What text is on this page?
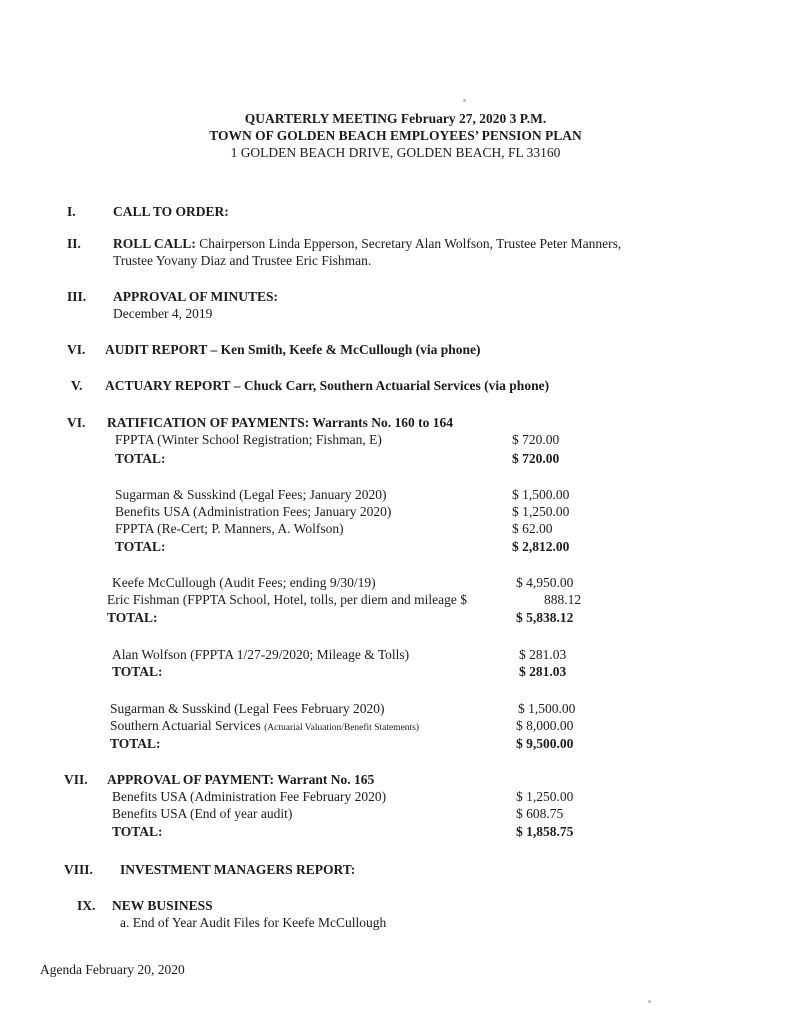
QUARTERLY MEETING February 27, 2020 3 P.M.
TOWN OF GOLDEN BEACH EMPLOYEES’ PENSION PLAN
1 GOLDEN BEACH DRIVE, GOLDEN BEACH, FL 33160
I.	CALL TO ORDER:
II. ROLL CALL: Chairperson Linda Epperson, Secretary Alan Wolfson, Trustee Peter Manners,
Trustee Yovany Diaz and Trustee Eric Fishman.
III. APPROVAL OF MINUTES:
December 4, 2019
VI. AUDIT REPORT – Ken Smith, Keefe & McCullough (via phone)
V. ACTUARY REPORT – Chuck Carr, Southern Actuarial Services (via phone)
VI. RATIFICATION OF PAYMENTS: Warrants No. 160 to 164
FPPTA (Winter School Registration; Fishman, E)	$ 720.00
TOTAL:	$ 720.00
Sugarman & Susskind (Legal Fees; January 2020)	$ 1,500.00
Benefits USA (Administration Fees; January 2020)	$ 1,250.00
FPPTA (Re-Cert; P. Manners, A. Wolfson)	$ 62.00
TOTAL:	$ 2,812.00
Keefe McCullough (Audit Fees; ending 9/30/19)	$ 4,950.00
Eric Fishman (FPPTA School, Hotel, tolls, per diem and mileage $	888.12
TOTAL:	$ 5,838.12
Alan Wolfson (FPPTA 1/27-29/2020; Mileage & Tolls)	$ 281.03
TOTAL:	$ 281.03
Sugarman & Susskind (Legal Fees February 2020)	$ 1,500.00
Southern Actuarial Services (Actuarial Valuation/Benefit Statements)	$ 8,000.00
TOTAL:	$ 9,500.00
VII. APPROVAL OF PAYMENT: Warrant No. 165
Benefits USA (Administration Fee February 2020)	$ 1,250.00
Benefits USA (End of year audit)	$ 608.75
TOTAL:	$ 1,858.75
VIII. INVESTMENT MANAGERS REPORT:
IX. NEW BUSINESS
a. End of Year Audit Files for Keefe McCullough
Agenda February 20, 2020
